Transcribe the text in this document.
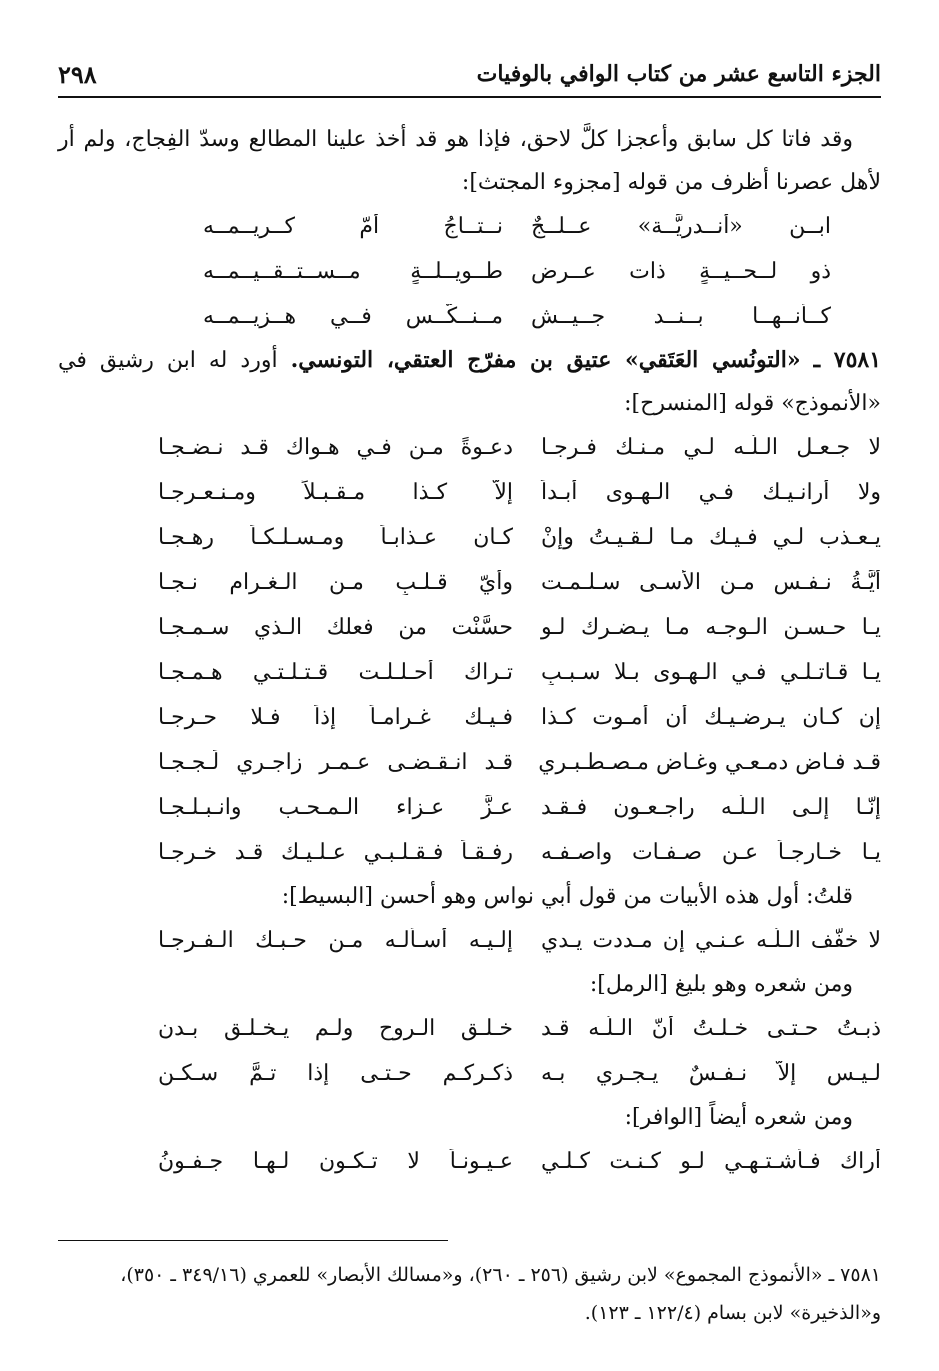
الجزء التاسع عشر من كتاب الوافي بالوفيات
٢٩٨

وقد فاتا كل سابق وأعجزا كلَّ لاحق، فإذا هو قد أخذ علينا المطالع وسدّ الفِجاج، ولم أر لأهل عصرنا أظرف من قوله [مجزوء المجتث]:

ابــن «أنــدريَّــة» عــلــجٌ
نــتــاجُ أُمّ كــريــمــه
ذو لــحــيــةٍ ذات عــرضٍ
طــويــلــةٍ مــســتــقــيــمــه
كــأنــهــا بــنــد جــيــشٍ
مــنــكّــس فــي هــزيــمــه

٧٥٨١ ـ «التونُسي العَتَقي» عتيق بن مفرّج العتقي، التونسي. أورد له ابن رشيق في «الأنموذج» قوله [المنسرح]:

لا جـعـل الـلّـه لـي مـنـك فـرجـا
دعـوةً مـن فـي هـواك قـد نـضـجـا
ولا أرانـيـك فـي الـهـوى أبـداً
إلاّ كـذا مـقـبـلاً ومـنـعـرجـا
يـعـذب لـي فـيـك مـا لـقـيـتُ وإنْ
كـان عـذابـاً ومـسـلـكـاً رهـجـا
أيَّـةُ نـفـسٍ مـن الأسـى سـلـمـت
وأيّ قـلـبٍ مـن الـغـرام نـجـا
يـا حـسـن الـوجـه مـا يـضـرك لـو
حسَّنْت من فعلك الـذي سـمـجـا
يـا قـاتـلـي فـي الـهـوى بـلا سـبـبٍ
تـراك أحـلـلـت قـتـلـتـي هـمـجـا
إن كـان يـرضـيـك أن أمـوت كـذا
فـيـك غـرامـاً إذاً فـلا حـرجـا
قـد فـاض دمـعـي وغـاض مـصـطـبـري
قـد انـقـضـى عـمـر زاجـري لَـجـجـا
إنّـا إلـى الـلّـه راجـعـون فـقـد
عـزَّ عـزاء الـمـحـب وانـبـلـجـا
يـا خـارجـاً عـن صـفـات واصـفـه
رفـقـاً فـقـلـبـي عـلـيـك قـد خـرجـا

قلتُ: أول هذه الأبيات من قول أبي نواس وهو أحسن [البسيط]:

لا خفّف الـلّـه عـنـي إن مـددت يـدي
إلـيـه أسـألـه مـن حـبـك الـفـرجـا

ومن شعره وهو بليغ [الرمل]:

ذبـتُ حـتـى خـلـتُ أنّ الـلّـه قـد
خـلـق الـروح ولـم يـخـلـق بـدن
لـيـس إلاّ نـفـسٌ يـجـري بـه
ذكـركـم حـتـى إذا تـمَّ سـكـن

ومن شعره أيضاً [الوافر]:

أراك فـأشـتـهـي لـو كـنـت كـلـي
عـيـونـاً لا تـكـون لـهـا جـفـونُ

٧٥٨١ ـ «الأنموذج المجموع» لابن رشيق (٢٥٦ ـ ٢٦٠)، و«مسالك الأبصار» للعمري (٣٤٩/١٦ ـ ٣٥٠)،

و«الذخيرة» لابن بسام (١٢٢/٤ ـ ١٢٣).
